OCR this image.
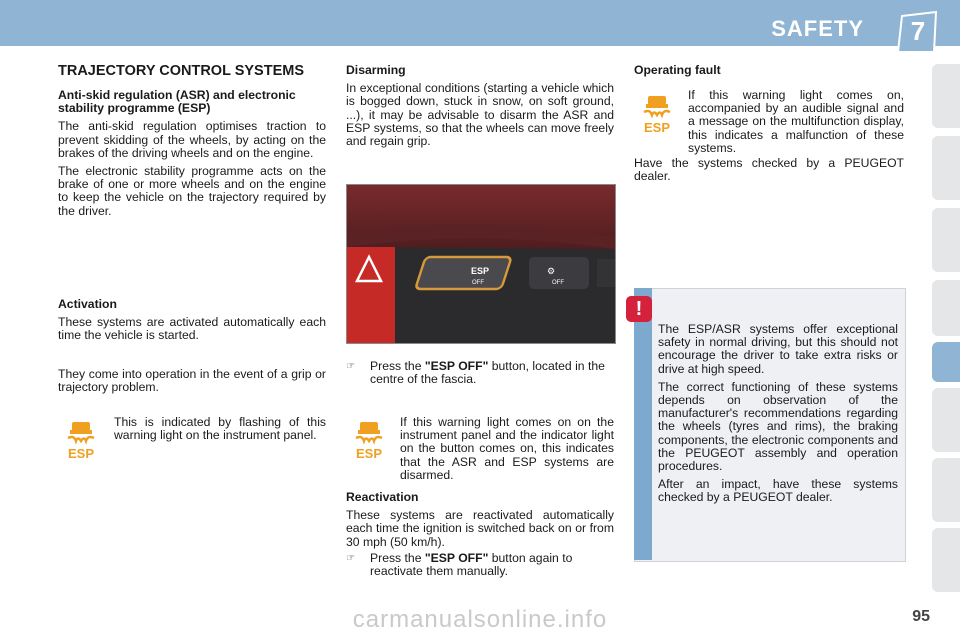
SAFETY	7
TRAJECTORY CONTROL SYSTEMS
Anti-skid regulation (ASR) and electronic stability programme (ESP)

The anti-skid regulation optimises traction to prevent skidding of the wheels, by acting on the brakes of the driving wheels and on the engine.

The electronic stability programme acts on the brake of one or more wheels and on the engine to keep the vehicle on the trajectory required by the driver.

Activation

These systems are activated automatically each time the vehicle is started.

They come into operation in the event of a grip or trajectory problem.
ESP
This is indicated by flashing of this warning light on the instrument panel.
Disarming

In exceptional conditions (starting a vehicle which is bogged down, stuck in snow, on soft ground, ...), it may be advisable to disarm the ASR and ESP systems, so that the wheels can move freely and regain grip.

ESP
OFF
⚙
OFF
☞ Press the "ESP OFF" button, located in the centre of the fascia.
ESP
If this warning light comes on on the instrument panel and the indicator light on the button comes on, this indicates that the ASR and ESP systems are disarmed.
Reactivation

These systems are reactivated automatically each time the ignition is switched back on or from 30 mph (50 km/h).

☞ Press the "ESP OFF" button again to reactivate them manually.
Operating fault
ESP
If this warning light comes on, accompanied by an audible signal and a message on the multifunction display, this indicates a malfunction of these systems.
Have the systems checked by a PEUGEOT dealer.
!

The ESP/ASR systems offer exceptional safety in normal driving, but this should not encourage the driver to take extra risks or drive at high speed.

The correct functioning of these systems depends on observation of the manufacturer's recommendations regarding the wheels (tyres and rims), the braking components, the electronic components and the PEUGEOT assembly and operation procedures.

After an impact, have these systems checked by a PEUGEOT dealer.

95
carmanualsonline.info
